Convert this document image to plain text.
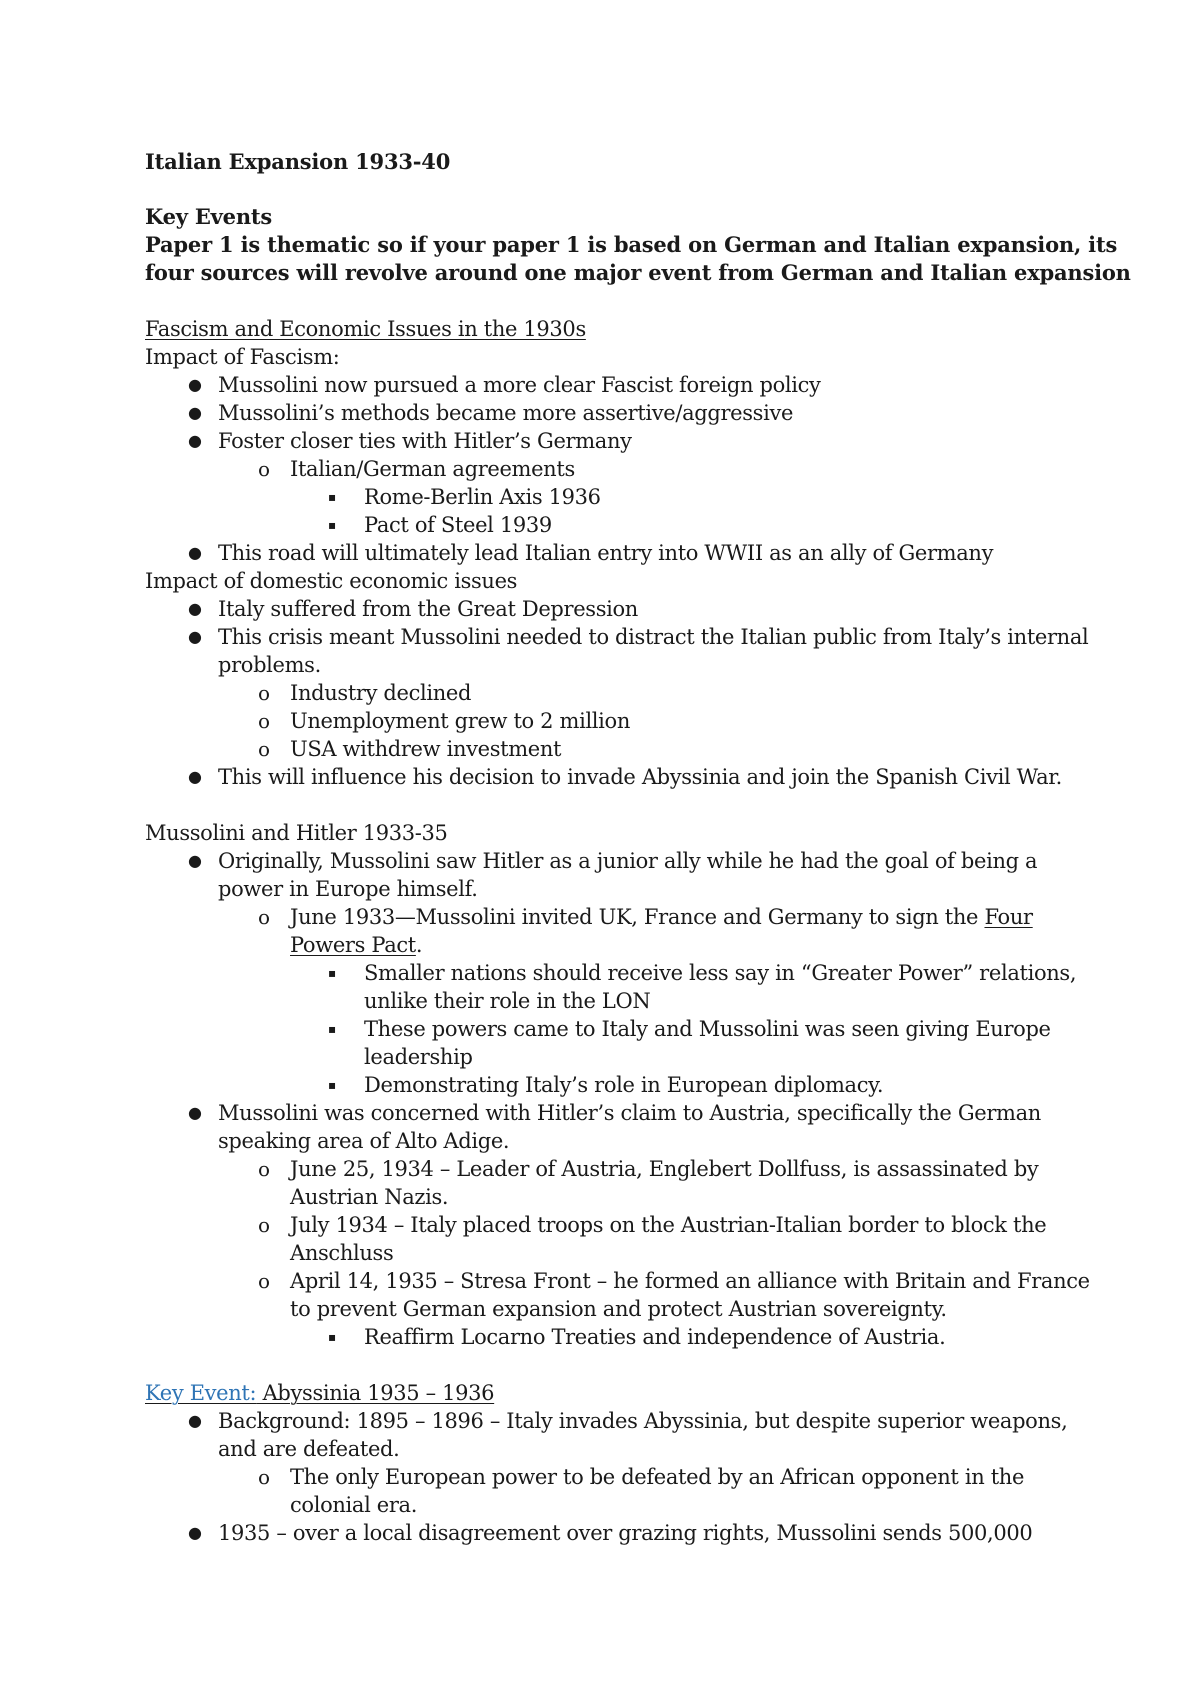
Italian Expansion 1933-40
Key Events
Paper 1 is thematic so if your paper 1 is based on German and Italian expansion, its
four sources will revolve around one major event from German and Italian expansion
Fascism and Economic Issues in the 1930s
Impact of Fascism:
● Mussolini now pursued a more clear Fascist foreign policy
● Mussolini’s methods became more assertive/aggressive
● Foster closer ties with Hitler’s Germany
o Italian/German agreements
▪ Rome-Berlin Axis 1936
▪ Pact of Steel 1939
● This road will ultimately lead Italian entry into WWII as an ally of Germany
Impact of domestic economic issues
● Italy suffered from the Great Depression
● This crisis meant Mussolini needed to distract the Italian public from Italy’s internal
problems.
o Industry declined
o Unemployment grew to 2 million
o USA withdrew investment
● This will influence his decision to invade Abyssinia and join the Spanish Civil War.
Mussolini and Hitler 1933-35
● Originally, Mussolini saw Hitler as a junior ally while he had the goal of being a
power in Europe himself.
o June 1933—Mussolini invited UK, France and Germany to sign the Four
Powers Pact.
▪ Smaller nations should receive less say in “Greater Power” relations,
unlike their role in the LON
▪ These powers came to Italy and Mussolini was seen giving Europe
leadership
▪ Demonstrating Italy’s role in European diplomacy.
● Mussolini was concerned with Hitler’s claim to Austria, specifically the German
speaking area of Alto Adige.
o June 25, 1934 – Leader of Austria, Englebert Dollfuss, is assassinated by
Austrian Nazis.
o July 1934 – Italy placed troops on the Austrian-Italian border to block the
Anschluss
o April 14, 1935 – Stresa Front – he formed an alliance with Britain and France
to prevent German expansion and protect Austrian sovereignty.
▪ Reaffirm Locarno Treaties and independence of Austria.
Key Event: Abyssinia 1935 – 1936
● Background: 1895 – 1896 – Italy invades Abyssinia, but despite superior weapons,
and are defeated.
o The only European power to be defeated by an African opponent in the
colonial era.
● 1935 – over a local disagreement over grazing rights, Mussolini sends 500,000
